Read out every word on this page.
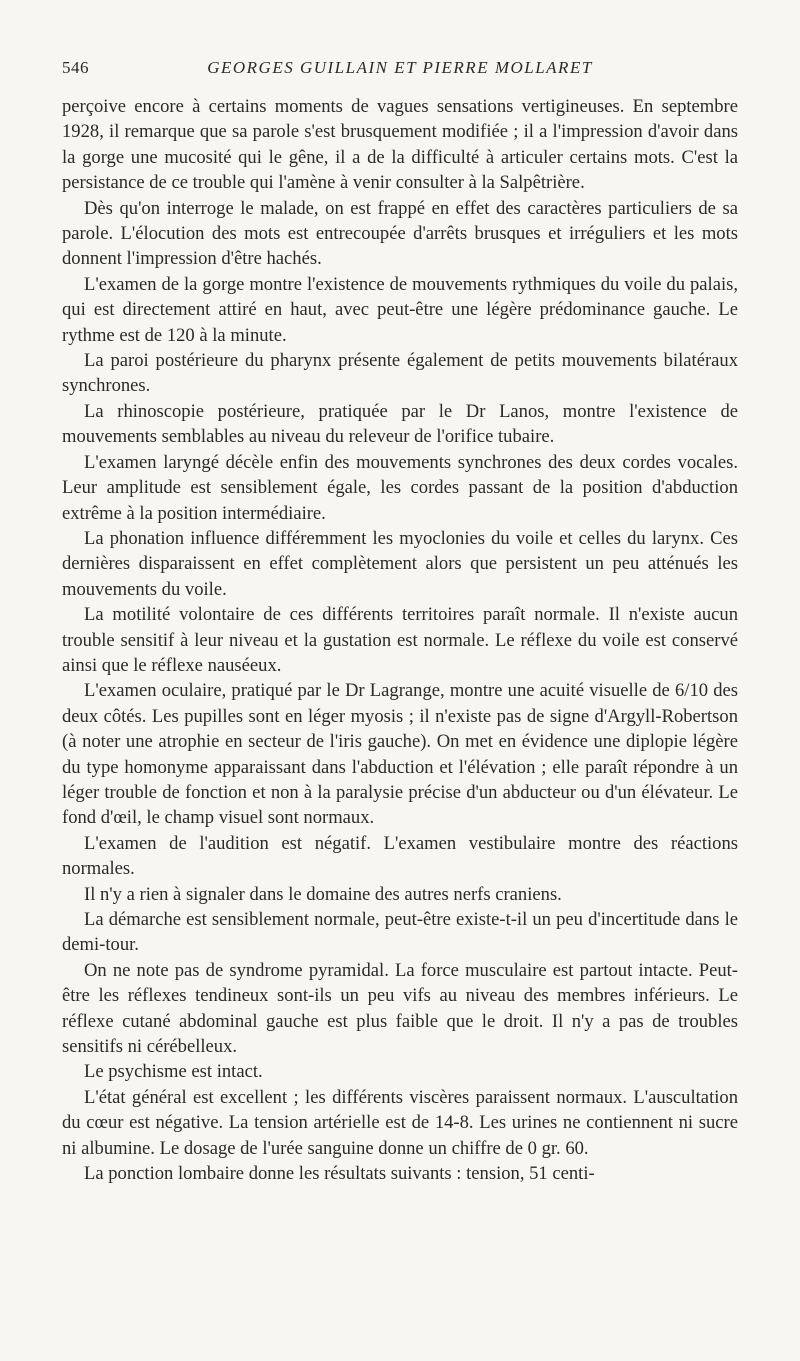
546	GEORGES GUILLAIN ET PIERRE MOLLARET

perçoive encore à certains moments de vagues sensations vertigineuses. En septembre 1928, il remarque que sa parole s'est brusquement modifiée ; il a l'impression d'avoir dans la gorge une mucosité qui le gêne, il a de la difficulté à articuler certains mots. C'est la persistance de ce trouble qui l'amène à venir consulter à la Salpêtrière.

Dès qu'on interroge le malade, on est frappé en effet des caractères particuliers de sa parole. L'élocution des mots est entrecoupée d'arrêts brusques et irréguliers et les mots donnent l'impression d'être hachés.

L'examen de la gorge montre l'existence de mouvements rythmiques du voile du palais, qui est directement attiré en haut, avec peut-être une légère prédominance gauche. Le rythme est de 120 à la minute.

La paroi postérieure du pharynx présente également de petits mouvements bilatéraux synchrones.

La rhinoscopie postérieure, pratiquée par le Dr Lanos, montre l'existence de mouvements semblables au niveau du releveur de l'orifice tubaire.

L'examen laryngé décèle enfin des mouvements synchrones des deux cordes vocales. Leur amplitude est sensiblement égale, les cordes passant de la position d'abduction extrême à la position intermédiaire.

La phonation influence différemment les myoclonies du voile et celles du larynx. Ces dernières disparaissent en effet complètement alors que persistent un peu atténués les mouvements du voile.

La motilité volontaire de ces différents territoires paraît normale. Il n'existe aucun trouble sensitif à leur niveau et la gustation est normale. Le réflexe du voile est conservé ainsi que le réflexe nauséeux.

L'examen oculaire, pratiqué par le Dr Lagrange, montre une acuité visuelle de 6/10 des deux côtés. Les pupilles sont en léger myosis ; il n'existe pas de signe d'Argyll-Robertson (à noter une atrophie en secteur de l'iris gauche). On met en évidence une diplopie légère du type homonyme apparaissant dans l'abduction et l'élévation ; elle paraît répondre à un léger trouble de fonction et non à la paralysie précise d'un abducteur ou d'un élévateur. Le fond d'œil, le champ visuel sont normaux.

L'examen de l'audition est négatif. L'examen vestibulaire montre des réactions normales.

Il n'y a rien à signaler dans le domaine des autres nerfs craniens.

La démarche est sensiblement normale, peut-être existe-t-il un peu d'incertitude dans le demi-tour.

On ne note pas de syndrome pyramidal. La force musculaire est partout intacte. Peut-être les réflexes tendineux sont-ils un peu vifs au niveau des membres inférieurs. Le réflexe cutané abdominal gauche est plus faible que le droit. Il n'y a pas de troubles sensitifs ni cérébelleux.

Le psychisme est intact.

L'état général est excellent ; les différents viscères paraissent normaux. L'auscultation du cœur est négative. La tension artérielle est de 14-8. Les urines ne contiennent ni sucre ni albumine. Le dosage de l'urée sanguine donne un chiffre de 0 gr. 60.

La ponction lombaire donne les résultats suivants : tension, 51 centi-
